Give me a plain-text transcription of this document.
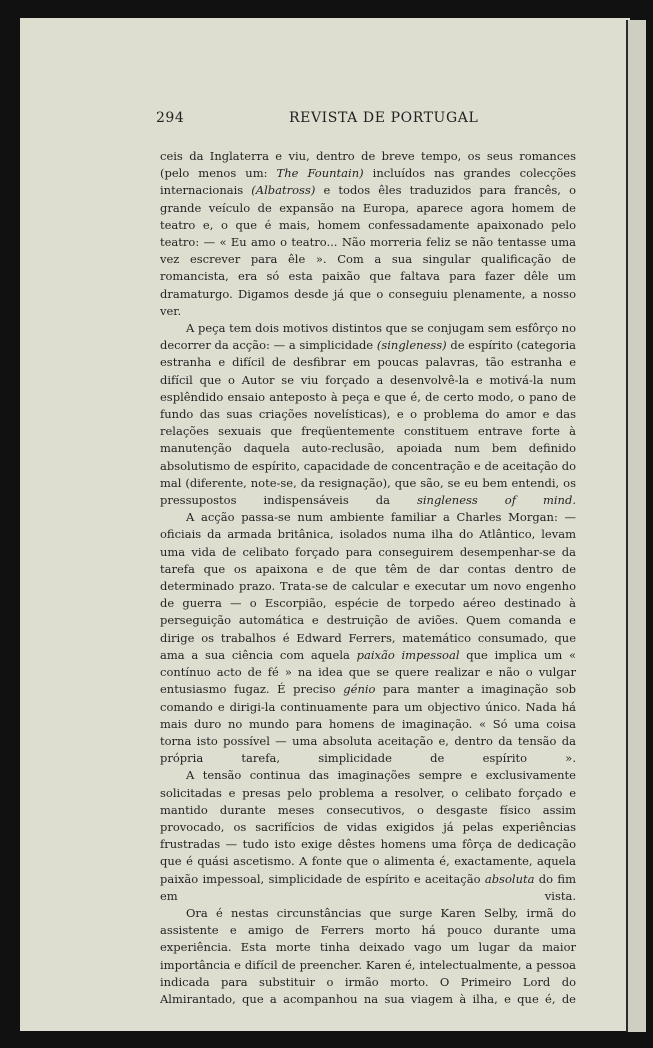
294	REVISTA DE PORTUGAL

ceis da Inglaterra e viu, dentro de breve tempo, os seus romances (pelo menos um: The Fountain) incluídos nas grandes colecções internacionais (Albatross) e todos êles traduzidos para francês, o grande veículo de expansão na Europa, aparece agora homem de teatro e, o que é mais, homem confessadamente apaixonado pelo teatro: — « Eu amo o teatro... Não morreria feliz se não tentasse uma vez escrever para êle ». Com a sua singular qualificação de romancista, era só esta paixão que faltava para fazer dêle um dramaturgo. Digamos desde já que o conseguiu plenamente, a nosso ver.

A peça tem dois motivos distintos que se conjugam sem esfôrço no decorrer da acção: — a simplicidade (singleness) de espírito (categoria estranha e difícil de desfibrar em poucas palavras, tão estranha e difícil que o Autor se viu forçado a desenvolvê-la e motivá-la num esplêndido ensaio anteposto à peça e que é, de certo modo, o pano de fundo das suas criações novelísticas), e o problema do amor e das relações sexuais que freqüentemente constituem entrave forte à manutenção daquela auto-reclusão, apoiada num bem definido absolutismo de espírito, capacidade de concentração e de aceitação do mal (diferente, note-se, da resignação), que são, se eu bem entendi, os pressupostos indispensáveis da singleness of mind.

A acção passa-se num ambiente familiar a Charles Morgan: — oficiais da armada britânica, isolados numa ilha do Atlântico, levam uma vida de celibato forçado para conseguirem desempenhar-se da tarefa que os apaixona e de que têm de dar contas dentro de determinado prazo. Trata-se de calcular e executar um novo engenho de guerra — o Escorpião, espécie de torpedo aéreo destinado à perseguição automática e destruição de aviões. Quem comanda e dirige os trabalhos é Edward Ferrers, matemático consumado, que ama a sua ciência com aquela paixão impessoal que implica um « contínuo acto de fé » na idea que se quere realizar e não o vulgar entusiasmo fugaz. É preciso génio para manter a imaginação sob comando e dirigi-la continuamente para um objectivo único. Nada há mais duro no mundo para homens de imaginação. « Só uma coisa torna isto possível — uma absoluta aceitação e, dentro da tensão da própria tarefa, simplicidade de espírito ».

A tensão continua das imaginações sempre e exclusivamente solicitadas e presas pelo problema a resolver, o celibato forçado e mantido durante meses consecutivos, o desgaste físico assim provocado, os sacrifícios de vidas exigidos já pelas experiências frustradas — tudo isto exige dêstes homens uma fôrça de dedicação que é quási ascetismo. A fonte que o alimenta é, exactamente, aquela paixão impessoal, simplicidade de espírito e aceitação absoluta do fim em vista.

Ora é nestas circunstâncias que surge Karen Selby, irmã do assistente e amigo de Ferrers morto há pouco durante uma experiência. Esta morte tinha deixado vago um lugar da maior importância e difícil de preencher. Karen é, intelectualmente, a pessoa indicada para substituir o irmão morto. O Primeiro Lord do Almirantado, que a acompanhou na sua viagem à ilha, e que é, de
